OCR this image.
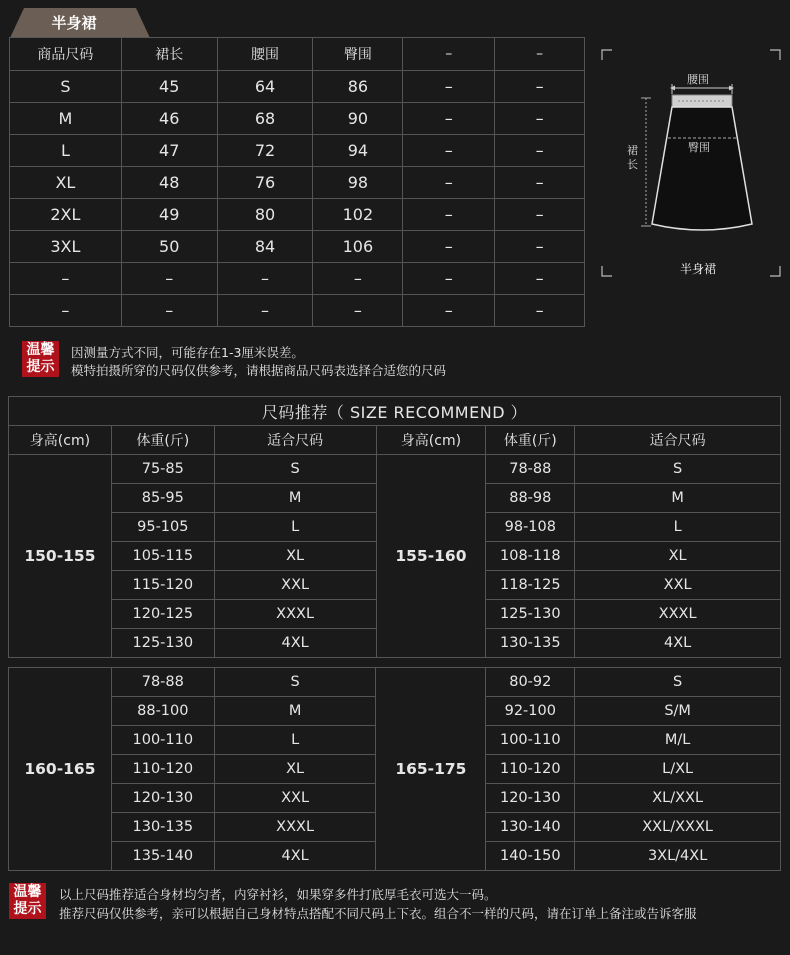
半身裙
商品尺码	裙长	腰围	臀围	–	–
S	45	64	86	–	–
M	46	68	90	–	–
L	47	72	94	–	–
XL	48	76	98	–	–
2XL	49	80	102	–	–
3XL	50	84	106	–	–
–	–	–	–	–	–
–	–	–	–	–	–
腰围
臀围
裙
长
半身裙
温馨
提示
因测量方式不同，可能存在1-3厘米误差。
模特拍摄所穿的尺码仅供参考，请根据商品尺码表选择合适您的尺码
尺码推荐（ SIZE RECOMMEND ）					
身高(cm)	体重(斤)	适合尺码	身高(cm)	体重(斤)	适合尺码
150-155	75-85	S	155-160	78-88	S
	85-95	M		88-98	M
	95-105	L		98-108	L
	105-115	XL		108-118	XL
	115-120	XXL		118-125	XXL
	120-125	XXXL		125-130	XXXL
	125-130	4XL		130-135	4XL
160-165	78-88	S	165-175	80-92	S
	88-100	M		92-100	S/M
	100-110	L		100-110	M/L
	110-120	XL		110-120	L/XL
	120-130	XXL		120-130	XL/XXL
	130-135	XXXL		130-140	XXL/XXXL
	135-140	4XL		140-150	3XL/4XL
温馨
提示
以上尺码推荐适合身材均匀者，内穿衬衫，如果穿多件打底厚毛衣可选大一码。
推荐尺码仅供参考，亲可以根据自己身材特点搭配不同尺码上下衣。组合不一样的尺码，请在订单上备注或告诉客服
